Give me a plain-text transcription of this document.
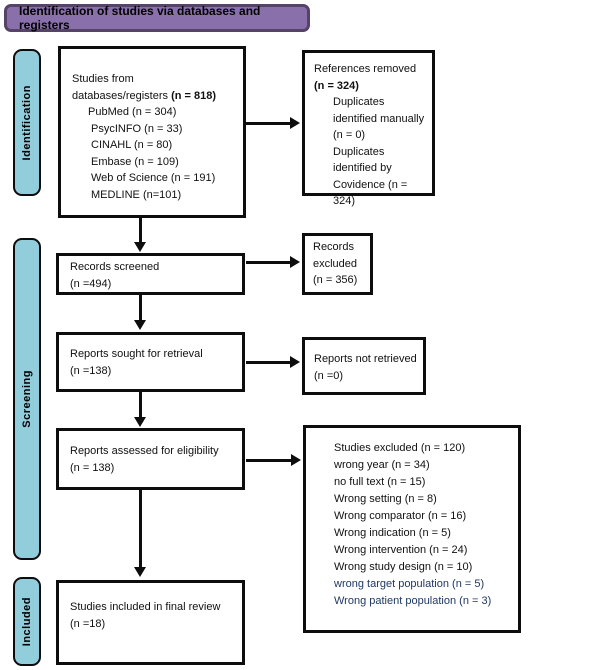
Identification of studies via databases and registers
Identification
Screening
Included
Studies from
databases/registers (n = 818)
PubMed (n = 304)
PsycINFO (n = 33)
CINAHL (n = 80)
Embase (n = 109)
Web of Science (n = 191)
MEDLINE (n=101)
References removed
(n = 324)
Duplicates identified manually (n = 0)
Duplicates identified by Covidence (n = 324)
Records screened
(n =494)
Records excluded
(n = 356)
Reports sought for retrieval
(n =138)
Reports not retrieved
(n =0)
Reports assessed for eligibility
(n = 138)
Studies excluded (n = 120)
wrong year (n = 34)
no full text (n = 15)
Wrong setting (n = 8)
Wrong comparator (n = 16)
Wrong indication (n = 5)
Wrong intervention (n = 24)
Wrong study design (n = 10)
wrong target population (n = 5)
Wrong patient population (n = 3)
Studies included in final review
(n =18)
